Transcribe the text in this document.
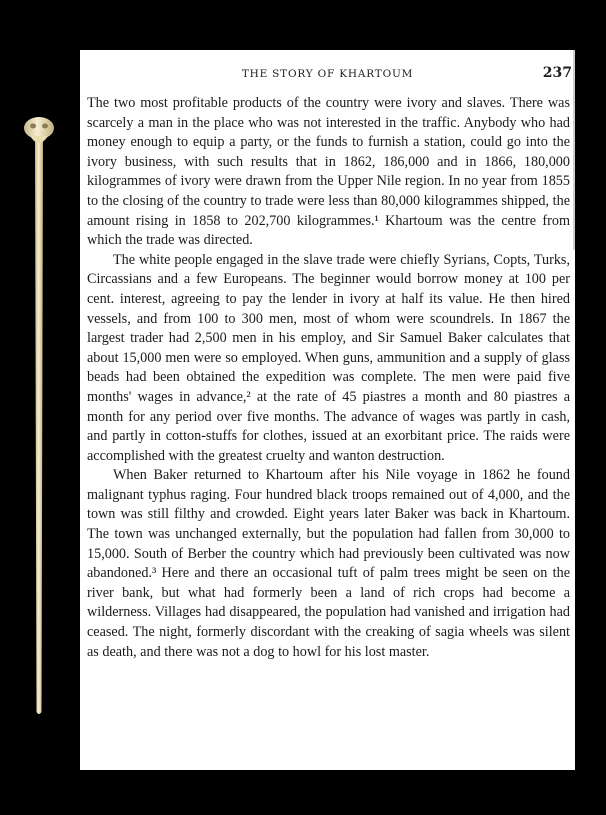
THE STORY OF KHARTOUM	237

The two most profitable products of the country were ivory and slaves. There was scarcely a man in the place who was not interested in the traffic. Anybody who had money enough to equip a party, or the funds to furnish a station, could go into the ivory business, with such results that in 1862, 186,000 and in 1866, 180,000 kilogrammes of ivory were drawn from the Upper Nile region. In no year from 1855 to the closing of the country to trade were less than 80,000 kilogrammes shipped, the amount rising in 1858 to 202,700 kilogrammes.¹ Khartoum was the centre from which the trade was directed.

The white people engaged in the slave trade were chiefly Syrians, Copts, Turks, Circassians and a few Europeans. The beginner would borrow money at 100 per cent. interest, agreeing to pay the lender in ivory at half its value. He then hired vessels, and from 100 to 300 men, most of whom were scoundrels. In 1867 the largest trader had 2,500 men in his employ, and Sir Samuel Baker calculates that about 15,000 men were so employed. When guns, ammunition and a supply of glass beads had been obtained the expedition was complete. The men were paid five months' wages in advance,² at the rate of 45 piastres a month and 80 piastres a month for any period over five months. The advance of wages was partly in cash, and partly in cotton-stuffs for clothes, issued at an exorbitant price. The raids were accomplished with the greatest cruelty and wanton destruction.

When Baker returned to Khartoum after his Nile voyage in 1862 he found malignant typhus raging. Four hundred black troops remained out of 4,000, and the town was still filthy and crowded. Eight years later Baker was back in Khartoum. The town was unchanged externally, but the population had fallen from 30,000 to 15,000. South of Berber the country which had previously been cultivated was now abandoned.³ Here and there an occasional tuft of palm trees might be seen on the river bank, but what had formerly been a land of rich crops had become a wilderness. Villages had disappeared, the population had vanished and irrigation had ceased. The night, formerly discordant with the creaking of sagia wheels was silent as death, and there was not a dog to howl for his lost master.
